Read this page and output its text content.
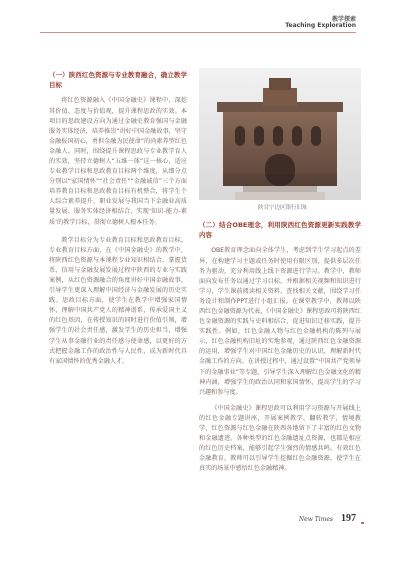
教学探索
Teaching Exploration
（一）陕西红色资源与专业教育融合，确立教学目标

将红色资源融入《中国金融史》课程中，深挖其价值、态度与价值观，提升课程思政的实效。本项目的思政建设方向为通过金融史教育强国与金融服务实体经济，培养推崇“讲好中国金融故事，坚守金融报国初心，勇担金融为民使命”的尚素养型红色金融人。同时，围绕提升课程思政与专业教学育人的实效，坚持立德树人“五维一体”这一核心，适应专业教学目标和思政教育目标两个维度，从细分点分别以“家国情怀”“社会责任”“金融诚信”三个方面培养教育目标和思政教育目标有机整合，将学生个人综合素养提升、职业发展与我国当下金融业高质量发展、服务实体经济相结合，实现‘知识-能力-素质’的教学目标，贯彻立德树人根本任务。

教学目标分为专业教育目标和思政教育目标。专业教育目标方面，在《中国金融史》的教学中，将陕西红色资源与本课程专业知识相结合，掌握货币、信用与金融发展发展过程中陕西的专业与实践案例，从红色资源融合的角度讲好中国金融故事，引导学生更深入理解中国经济与金融发展的历史实践。思政目标方面，使学生在教学中增强家国情怀，理解中国共产党人的精神谱系，传承爱国主义的红色基因，在传授知识的同时进行价值引领，增强学生的社会责任感，激发学生的历史担当，增强学生从事金融行业的责任感与使命感，以更好的方式把握金融工作的政治性与人民性，成为新时代具有家国情怀的优秀金融人才。

陕甘宁边区银行旧址
（二）结合OBE理念，利用陕西红色资源更新实践教学内容

OBE教育理念面向全体学生，考虑到学生学习起点的差异，在构建学习主题或任务时使用有限区别，提供多层次任务为驱动，充分利用线上线下资源进行学习。教学中，教师面向发布任务以通过学习目标，并根据相关视频和知识进行学习，学生课前阅读相关资料、查找相关文献，围绕学习任务设计和制作PPT进行小组汇报。在课堂教学中，教师以陕西红色金融资源为代表，《中国金融史》课程思政可将陕西红色金融资源的实践与史料相结合，促进知识迁移实践，提升实践性。例如，红色金融人物与红色金融机构的陈列与展示、红色金融机构旧址的实地参观，通过陕西红色金融资源的运用，增强学生对中国红色金融历史的认识，理解新时代金融工作的方向。在讲授过程中，通过设置“中国共产党领导下的金融事业”等专题，引导学生深入理解红色金融文化的精神内涵，增强学生的政治认同和家国情怀，提高学生的学习兴趣和参与度。

《中国金融史》课程思政可以利用学习资源与开展线上的红色金融专题讲座，开展案例教学、翻转教学、情境教学，红色资源与红色金融在陕西各地留下了丰富的红色文物和金融遗迹。各种类型的红色金融遗址点资源，也都是相应的红色历史档案，能够引起学生强烈的情感共鸣。有效红色金融教育，教师可以引导学生挖掘红色金融资源，使学生在真实的场景中感悟红色金融精神。

New Times 197
